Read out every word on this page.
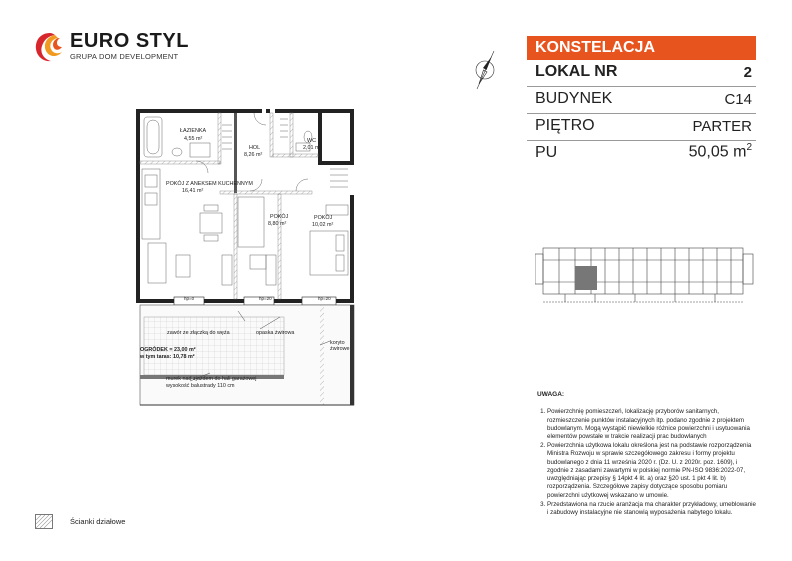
EURO STYL
GRUPA DOM DEVELOPMENT
KONSTELACJA
LOKAL NR	2
BUDYNEK	C14
PIĘTRO	PARTER
PU	50,05 $m^2$
ŁAZIENKA
4,55 m²
HOL
8,26 m²
WC
2,01 m²
POKÓJ Z ANEKSEM KUCHENNYM
16,41 m²
POKÓJ
8,80 m²
POKÓJ
10,02 m²
hp=0	hp=20	hp=20
zawór ze złączką do węża	opaska żwirowa
OGRÓDEK = 23,00 m²
w tym taras: 10,78 m²
koryto
żwirowe
murek nad zjazdem do hali garażowej
wysokość balustrady 110 cm
UWAGA:
1. Powierzchnię pomieszczeń, lokalizację przyborów sanitarnych, rozmieszczenie punktów instalacyjnych itp. podano zgodnie z projektem budowlanym. Mogą wystąpić niewielkie różnice powierzchni i usytuowania elementów powstałe w trakcie realizacji prac budowlanych
2. Powierzchnia użytkowa lokalu określona jest na podstawie rozporządzenia Ministra Rozwoju w sprawie szczegółowego zakresu i formy projektu budowlanego z dnia 11 września 2020 r. (Dz. U. z 2020r. poz. 1609), i zgodnie z zasadami zawartymi w polskiej normie PN-ISO 9836:2022-07, uwzględniając przepisy § 14pkt 4 lit. a) oraz §20 ust. 1 pkt 4 lit. b) rozporządzenia. Szczegółowe zapisy dotyczące sposobu pomiaru powierzchni użytkowej wskazano w umowie.
3. Przedstawiona na rzucie aranżacja ma charakter przykładowy, umeblowanie i zabudowy instalacyjne nie stanowią wyposażenia nabytego lokalu.
Ścianki działowe
